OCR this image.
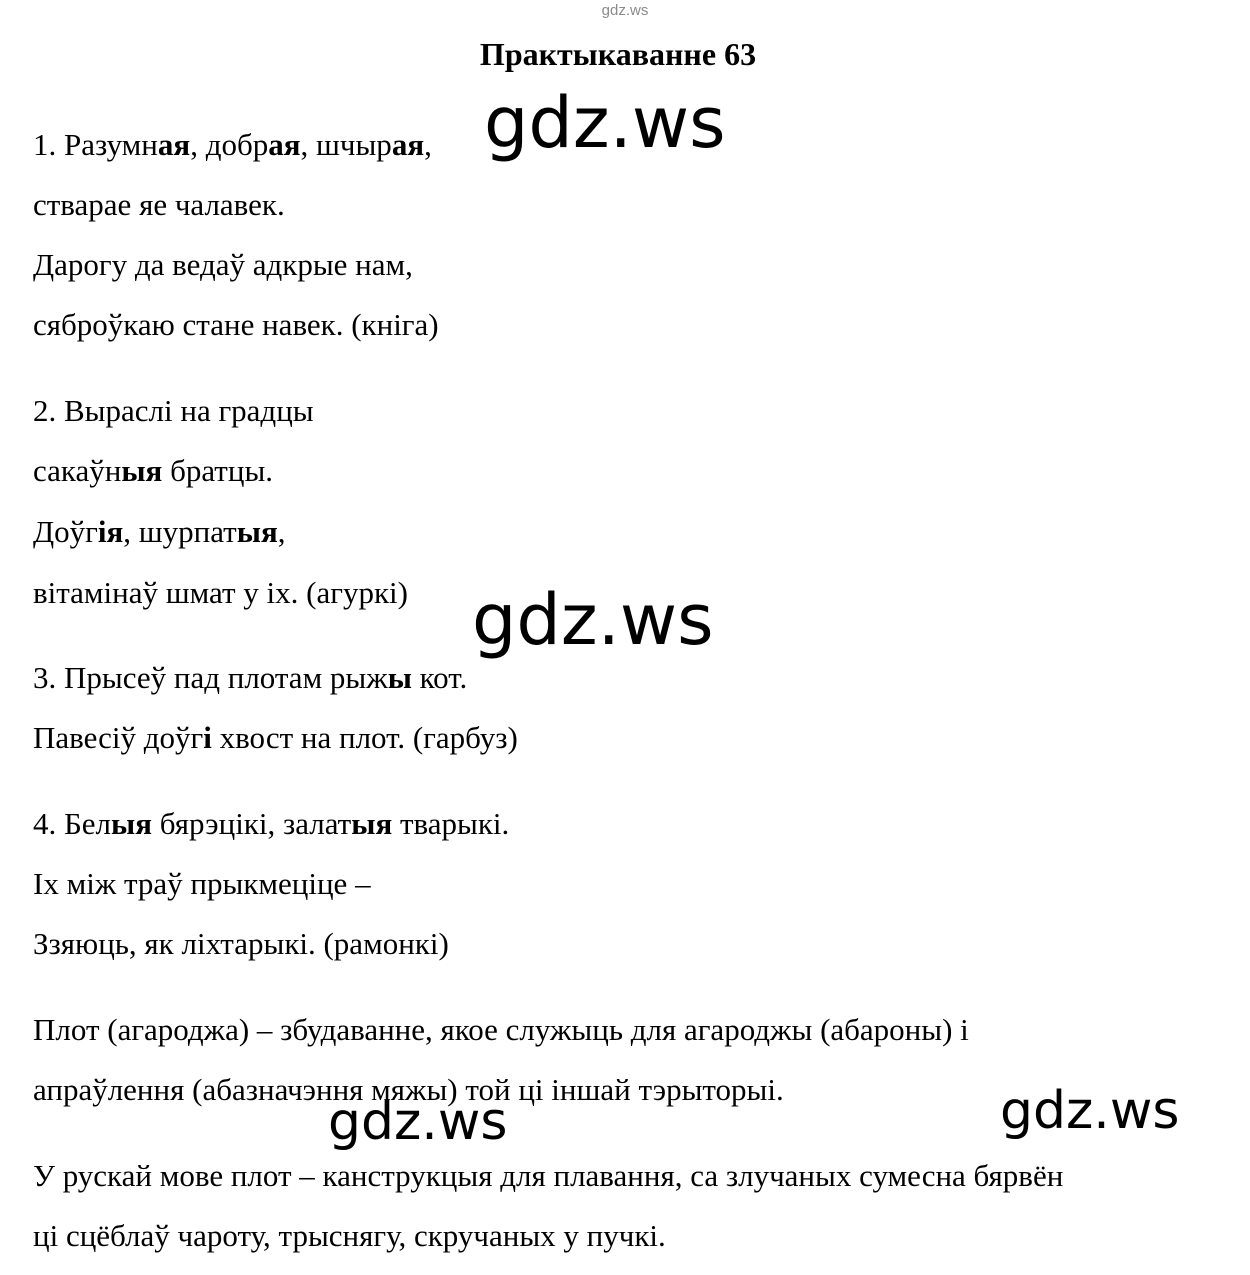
gdz.ws
Практыкаванне 63
1. Разумная, добрая, шчырая,
стварае яе чалавек.
Дарогу да ведаў адкрые нам,
сяброўкаю стане навек. (кніга)
2. Выраслі на градцы
сакаўныя братцы.
Доўгія, шурпатыя,
вітамінаў шмат у іх. (агуркі)
3. Прысеў пад плотам рыжы кот.
Павесіў доўгі хвост на плот. (гарбуз)
4. Белыя бярэцікі, залатыя тварыкі.
Іх між траў прыкмеціце –
Ззяюць, як ліхтарыкі. (рамонкі)
Плот (агароджа) – збудаванне, якое служыць для агароджы (абароны) і
апраўлення (абазначэння мяжы) той ці іншай тэрыторыі.
У рускай мове плот – канструкцыя для плавання, са злучаных сумесна бярвён
ці сцёблаў чароту, трыснягу, скручаных у пучкі.
gdz.ws
gdz.ws
gdz.ws	gdz.ws
